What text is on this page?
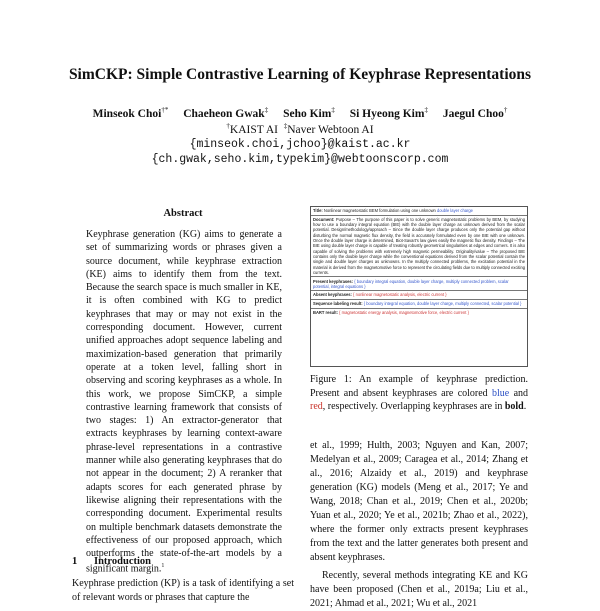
SimCKP: Simple Contrastive Learning of Keyphrase Representations
Minseok Choi†* Chaeheon Gwak‡ Seho Kim‡ Si Hyeong Kim‡ Jaegul Choo†
†KAIST AI ‡Naver Webtoon AI
{minseok.choi,jchoo}@kaist.ac.kr
{ch.gwak,seho.kim,typekim}@webtoonscorp.com
Abstract
Keyphrase generation (KG) aims to generate a set of summarizing words or phrases given a source document, while keyphrase extraction (KE) aims to identify them from the text. Because the search space is much smaller in KE, it is often combined with KG to predict keyphrases that may or may not exist in the corresponding document. However, current unified approaches adopt sequence labeling and maximization-based generation that primarily operate at a token level, falling short in observing and scoring keyphrases as a whole. In this work, we propose SimCKP, a simple contrastive learning framework that consists of two stages: 1) An extractor-generator that extracts keyphrases by learning context-aware phrase-level representations in a contrastive manner while also generating keyphrases that do not appear in the document; 2) A reranker that adapts scores for each generated phrase by likewise aligning their representations with the corresponding document. Experimental results on multiple benchmark datasets demonstrate the effectiveness of our proposed approach, which outperforms the state-of-the-art models by a significant margin.$^1$
1 Introduction
Keyphrase prediction (KP) is a task of identifying a set of relevant words or phrases that capture the
Title: Nonlinear magnetostatic BEM formulation using one unknown double layer charge
Document: Purpose – The purpose of this paper is to solve generic magnetostatic problems by BEM, by studying how to use a boundary integral equation (BIE) with the double layer charge as unknown derived from the scalar potential. Design/methodology/approach – Since the double layer charge produces only the potential gap without disturbing the normal magnetic flux density, the field is accurately formulated even by one BIE with one unknown. Once the double layer charge is determined, Biot-Savart's law gives easily the magnetic flux density. Findings – The BIE using double layer charge is capable of treating robustly geometrical singularities at edges and corners. It is also capable of solving the problems with extremely high magnetic permeability. Originality/value – The proposed BIE contains only the double layer charge while the conventional equations derived from the scalar potential contain the single and double layer charges as unknowns. In the multiply connected problems, the excitation potential in the material is derived from the magnetomotive force to represent the circulating fields due to multiply connected exciting currents.
Present keyphrases: { boundary integral equation, double layer charge, multiply connected problem, scalar potential, integral equations }
Absent keyphrases: { nonlinear magnetostatic analysis, electric current }
Sequence labeling result: { boundary integral equation, double layer charge, multiply connected, scalar potential }
BART result: { magnetostatic energy analysis, magnetomotive force, electric current }
Figure 1: An example of keyphrase prediction. Present and absent keyphrases are colored blue and red, respectively. Overlapping keyphrases are in bold.

et al., 1999; Hulth, 2003; Nguyen and Kan, 2007; Medelyan et al., 2009; Caragea et al., 2014; Zhang et al., 2016; Alzaidy et al., 2019) and keyphrase generation (KG) models (Meng et al., 2017; Ye and Wang, 2018; Chan et al., 2019; Chen et al., 2020b; Yuan et al., 2020; Ye et al., 2021b; Zhao et al., 2022), where the former only extracts present keyphrases from the text and the latter generates both present and absent keyphrases.

Recently, several methods integrating KE and KG have been proposed (Chen et al., 2019a; Liu et al., 2021; Ahmad et al., 2021; Wu et al., 2021
